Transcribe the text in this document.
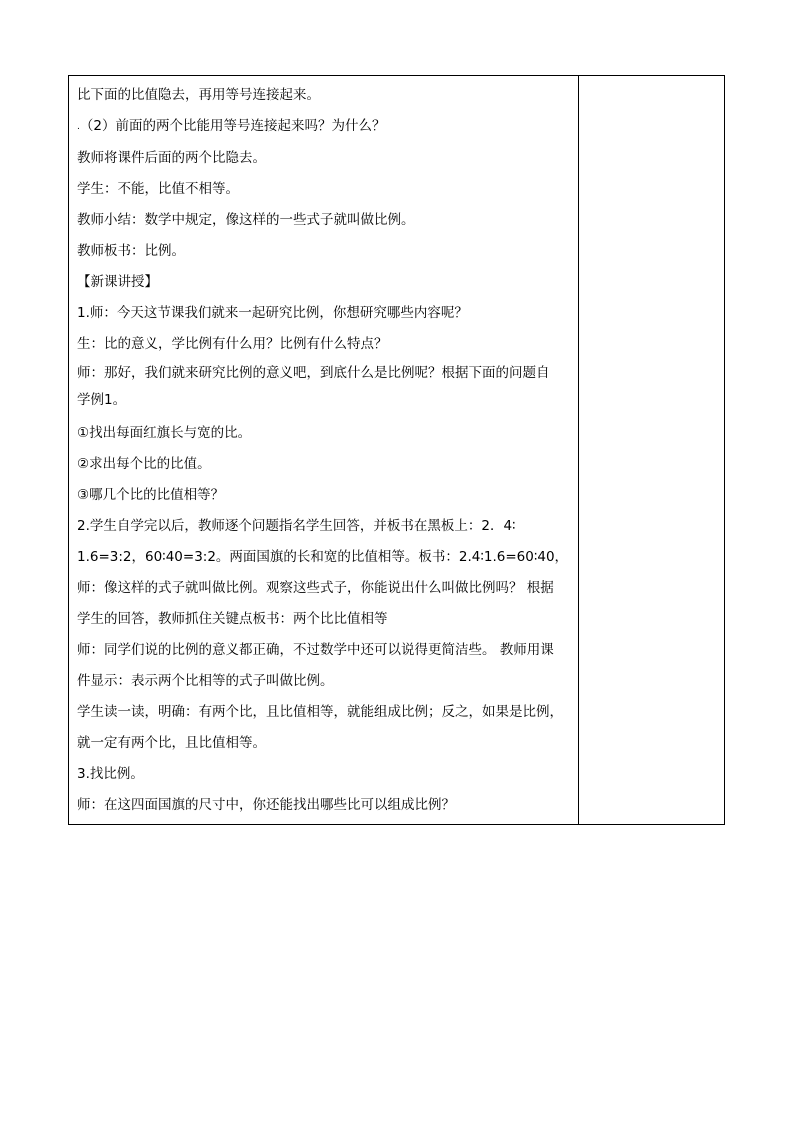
比下面的比值隐去，再用等号连接起来。

.（2）前面的两个比能用等号连接起来吗？为什么？

教师将课件后面的两个比隐去。

学生：不能，比值不相等。

教师小结：数学中规定，像这样的一些式子就叫做比例。

教师板书：比例。

【新课讲授】

1.师：今天这节课我们就来一起研究比例，你想研究哪些内容呢？

生：比的意义，学比例有什么用？比例有什么特点？

师：那好，我们就来研究比例的意义吧，到底什么是比例呢？根据下面的问题自

学例1。

①找出每面红旗长与宽的比。

②求出每个比的比值。

③哪几个比的比值相等？

2.学生自学完以后，教师逐个问题指名学生回答，并板书在黑板上：2．4∶

1.6=3:2，60∶40=3:2。两面国旗的长和宽的比值相等。板书：2.4∶1.6=60∶40，

师：像这样的式子就叫做比例。观察这些式子，你能说出什么叫做比例吗？ 根据

学生的回答，教师抓住关键点板书：两个比比值相等

师：同学们说的比例的意义都正确，不过数学中还可以说得更简洁些。 教师用课

件显示：表示两个比相等的式子叫做比例。

学生读一读，明确：有两个比，且比值相等，就能组成比例；反之，如果是比例，

就一定有两个比，且比值相等。

3.找比例。

师：在这四面国旗的尺寸中，你还能找出哪些比可以组成比例？
